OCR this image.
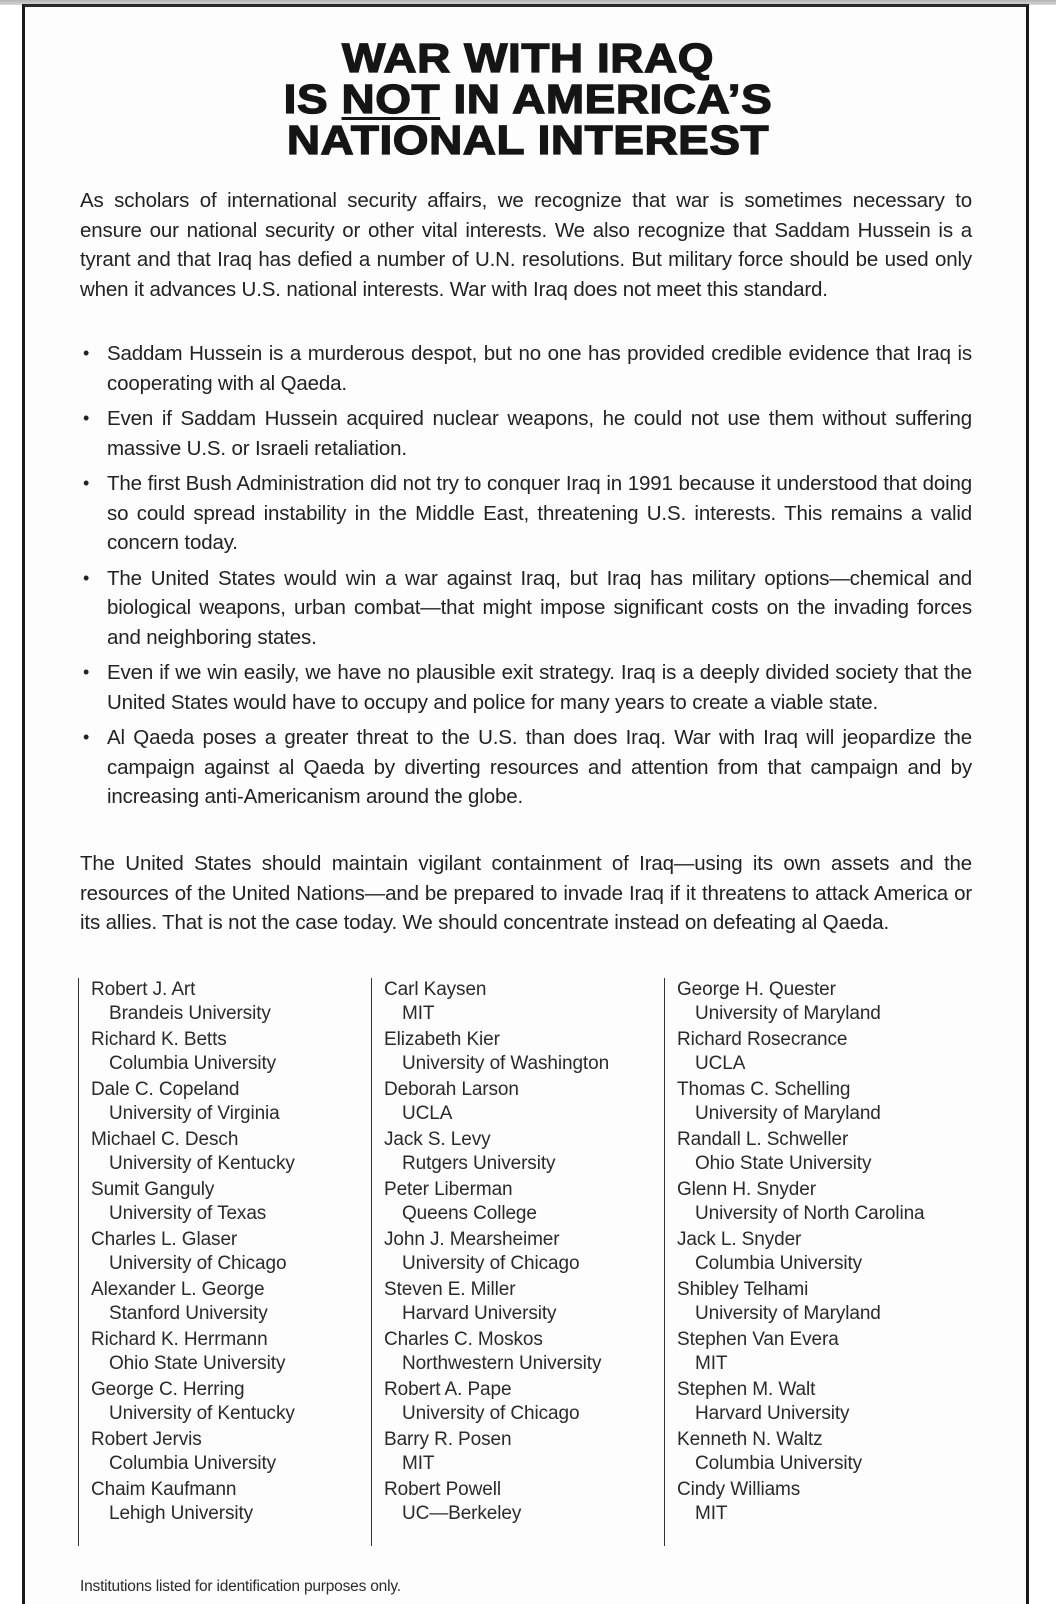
WAR WITH IRAQ
IS NOT IN AMERICA’S
NATIONAL INTEREST

As scholars of international security affairs, we recognize that war is sometimes necessary to ensure our national security or other vital interests. We also recognize that Saddam Hussein is a tyrant and that Iraq has defied a number of U.N. resolutions. But military force should be used only when it advances U.S. national interests. War with Iraq does not meet this standard.

• Saddam Hussein is a murderous despot, but no one has provided credible evidence that Iraq is cooperating with al Qaeda.
• Even if Saddam Hussein acquired nuclear weapons, he could not use them without suffering massive U.S. or Israeli retaliation.
• The first Bush Administration did not try to conquer Iraq in 1991 because it understood that doing so could spread instability in the Middle East, threatening U.S. interests. This remains a valid concern today.
• The United States would win a war against Iraq, but Iraq has military options—chemical and biological weapons, urban combat—that might impose significant costs on the invading forces and neighboring states.
• Even if we win easily, we have no plausible exit strategy. Iraq is a deeply divided society that the United States would have to occupy and police for many years to create a viable state.
• Al Qaeda poses a greater threat to the U.S. than does Iraq. War with Iraq will jeopardize the campaign against al Qaeda by diverting resources and attention from that campaign and by increasing anti-Americanism around the globe.

The United States should maintain vigilant containment of Iraq—using its own assets and the resources of the United Nations—and be prepared to invade Iraq if it threatens to attack America or its allies. That is not the case today. We should concentrate instead on defeating al Qaeda.

Robert J. Art
Brandeis University
Richard K. Betts
Columbia University
Dale C. Copeland
University of Virginia
Michael C. Desch
University of Kentucky
Sumit Ganguly
University of Texas
Charles L. Glaser
University of Chicago
Alexander L. George
Stanford University
Richard K. Herrmann
Ohio State University
George C. Herring
University of Kentucky
Robert Jervis
Columbia University
Chaim Kaufmann
Lehigh University
Carl Kaysen
MIT
Elizabeth Kier
University of Washington
Deborah Larson
UCLA
Jack S. Levy
Rutgers University
Peter Liberman
Queens College
John J. Mearsheimer
University of Chicago
Steven E. Miller
Harvard University
Charles C. Moskos
Northwestern University
Robert A. Pape
University of Chicago
Barry R. Posen
MIT
Robert Powell
UC—Berkeley
George H. Quester
University of Maryland
Richard Rosecrance
UCLA
Thomas C. Schelling
University of Maryland
Randall L. Schweller
Ohio State University
Glenn H. Snyder
University of North Carolina
Jack L. Snyder
Columbia University
Shibley Telhami
University of Maryland
Stephen Van Evera
MIT
Stephen M. Walt
Harvard University
Kenneth N. Waltz
Columbia University
Cindy Williams
MIT
Institutions listed for identification purposes only.
